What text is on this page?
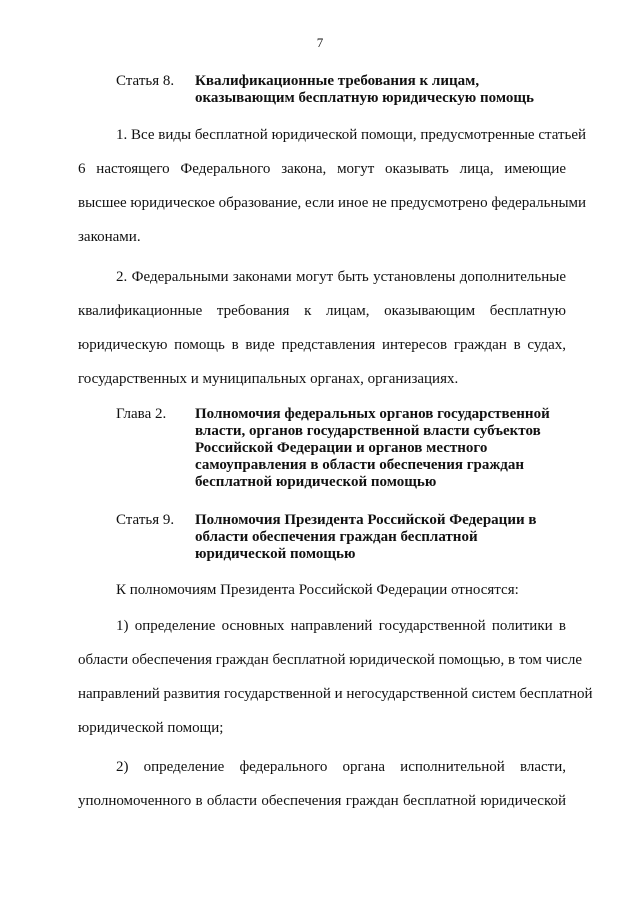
7
Статья 8. Квалификационные требования к лицам,
оказывающим бесплатную юридическую помощь
1. Все виды бесплатной юридической помощи, предусмотренные статьей
6 настоящего Федерального закона, могут оказывать лица, имеющие
высшее юридическое образование, если иное не предусмотрено федеральными
законами.
2. Федеральными законами могут быть установлены дополнительные
квалификационные требования к лицам, оказывающим бесплатную
юридическую помощь в виде представления интересов граждан в судах,
государственных и муниципальных органах, организациях.
Глава 2. Полномочия федеральных органов государственной
власти, органов государственной власти субъектов
Российской Федерации и органов местного
самоуправления в области обеспечения граждан
бесплатной юридической помощью
Статья 9. Полномочия Президента Российской Федерации в
области обеспечения граждан бесплатной
юридической помощью
К полномочиям Президента Российской Федерации относятся:
1) определение основных направлений государственной политики в
области обеспечения граждан бесплатной юридической помощью, в том числе
направлений развития государственной и негосударственной систем бесплатной
юридической помощи;
2) определение федерального органа исполнительной власти,
уполномоченного в области обеспечения граждан бесплатной юридической
